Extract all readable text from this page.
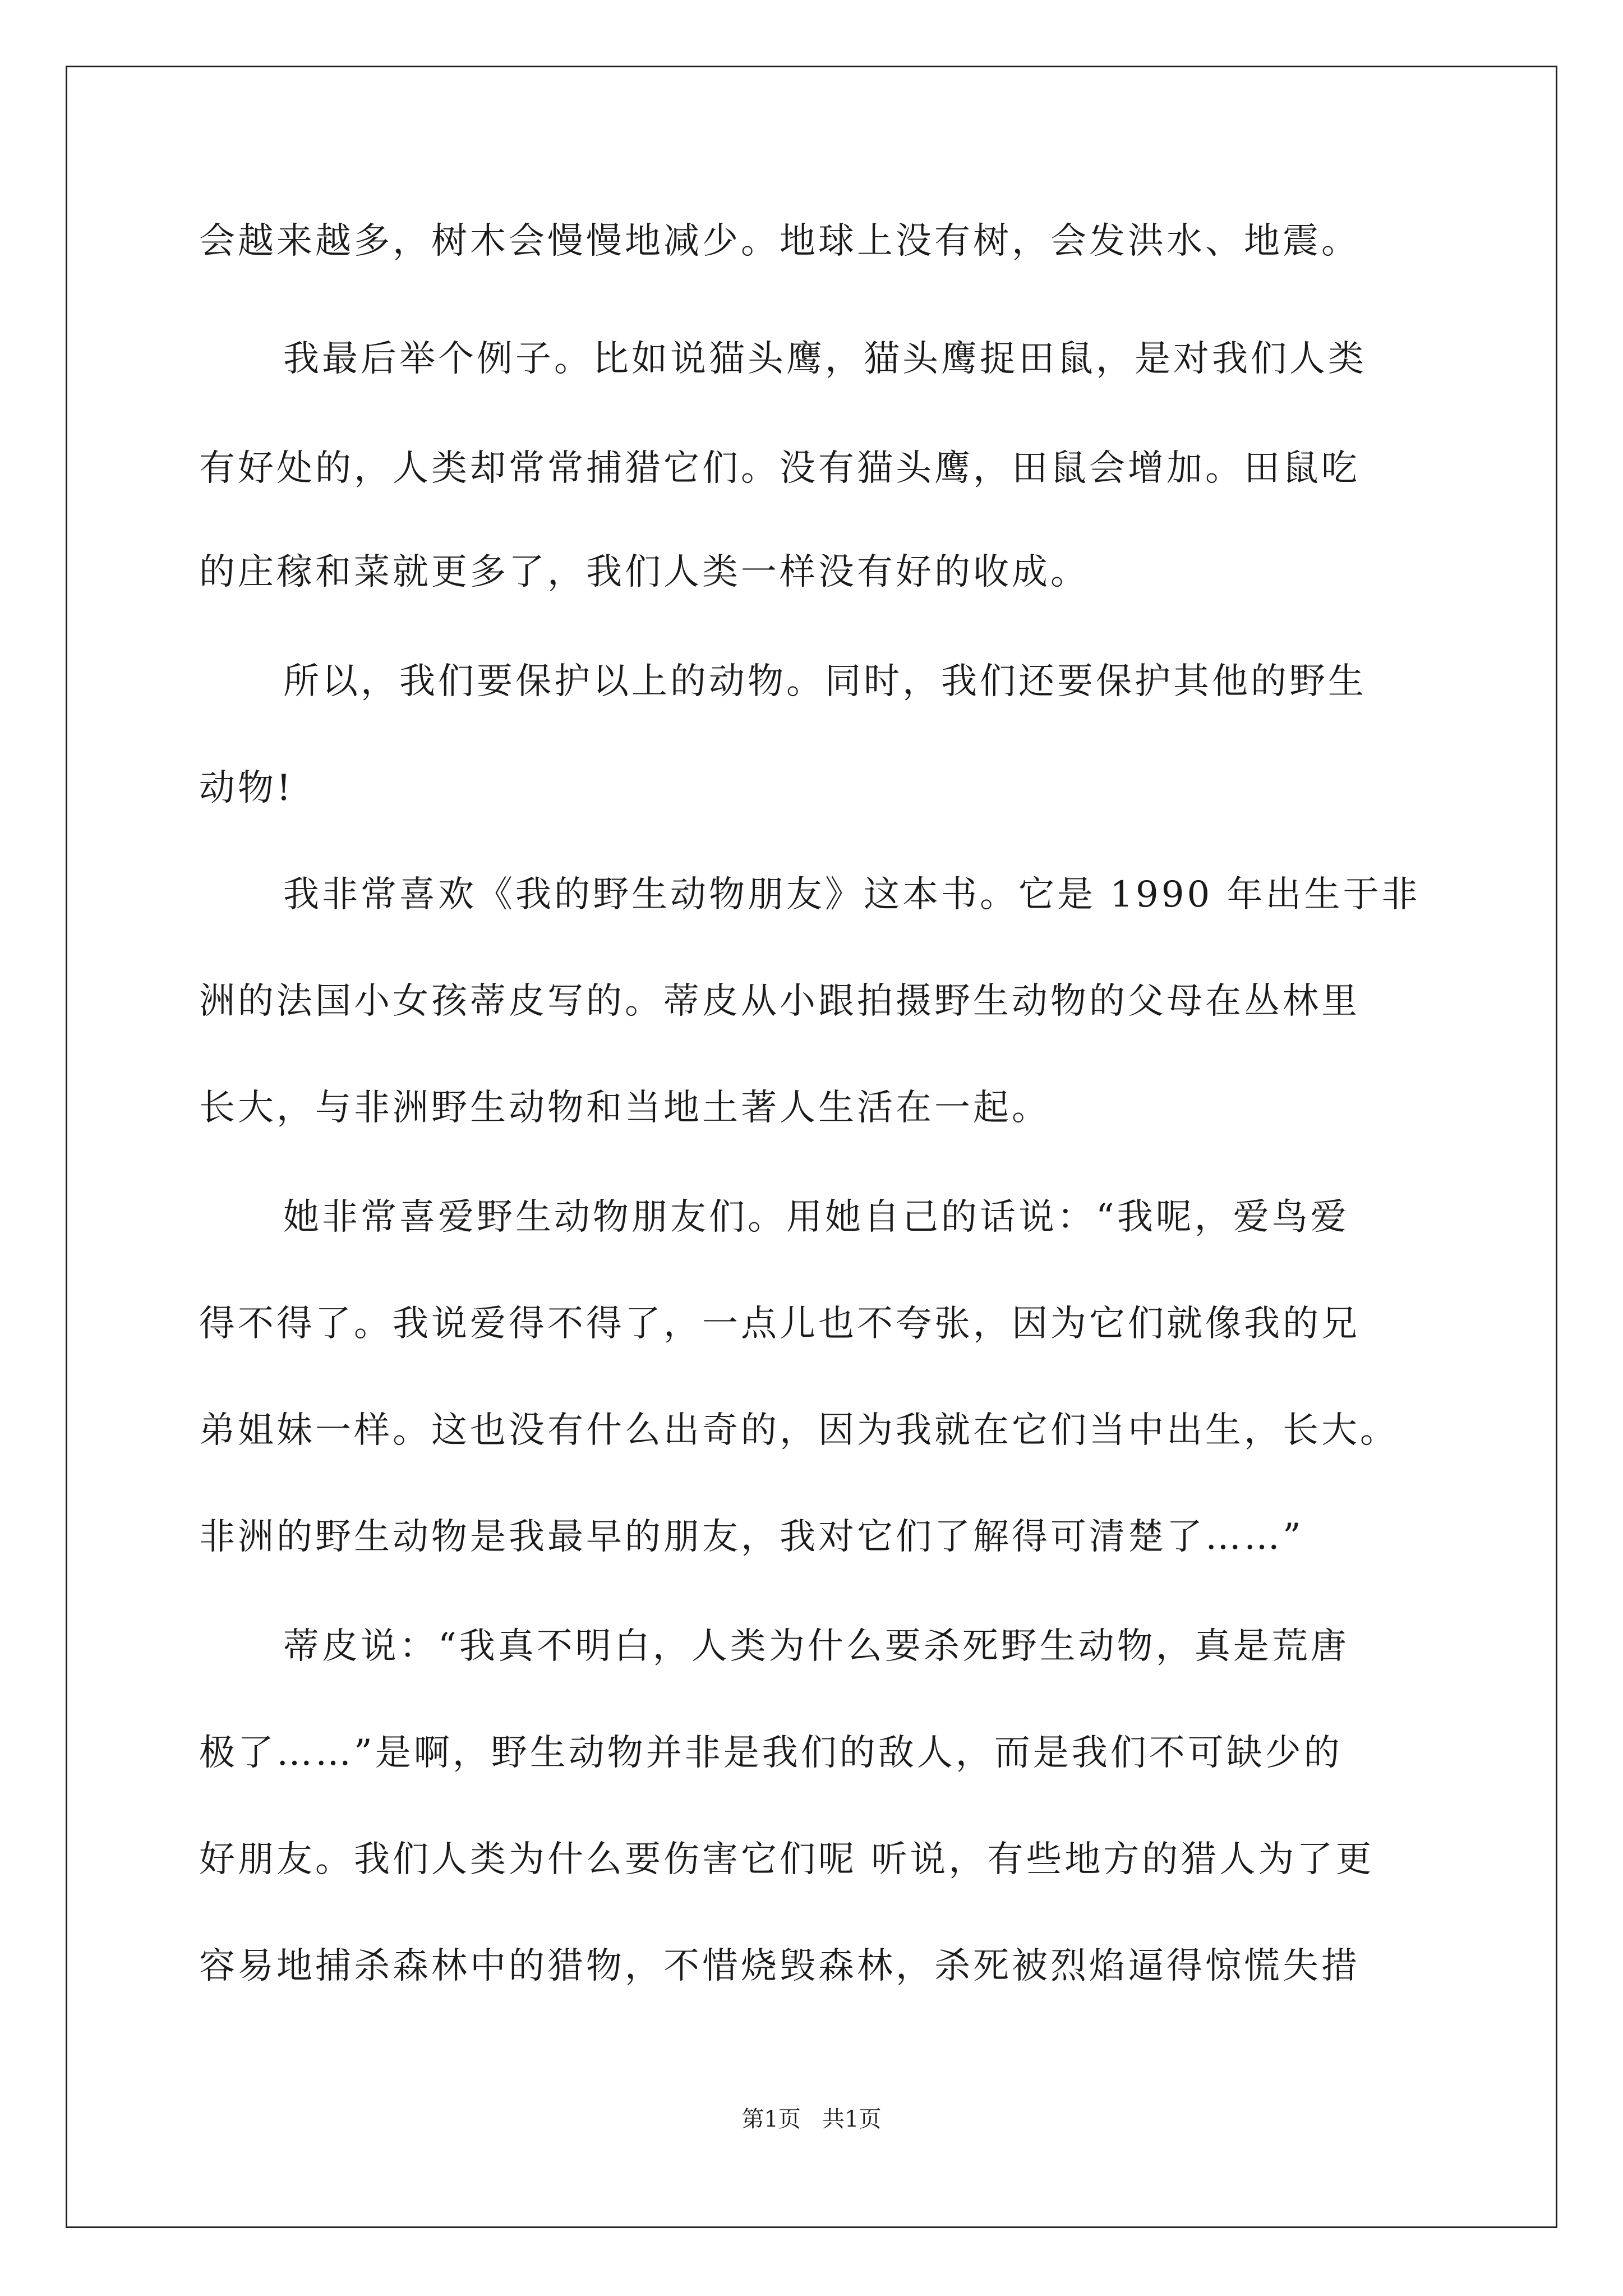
会越来越多，树木会慢慢地减少。地球上没有树，会发洪水、地震。
我最后举个例子。比如说猫头鹰，猫头鹰捉田鼠，是对我们人类
有好处的，人类却常常捕猎它们。没有猫头鹰，田鼠会增加。田鼠吃
的庄稼和菜就更多了，我们人类一样没有好的收成。
所以，我们要保护以上的动物。同时，我们还要保护其他的野生
动物!
我非常喜欢《我的野生动物朋友》这本书。它是 1990 年出生于非
洲的法国小女孩蒂皮写的。蒂皮从小跟拍摄野生动物的父母在丛林里
长大，与非洲野生动物和当地土著人生活在一起。
她非常喜爱野生动物朋友们。用她自己的话说：“我呢，爱鸟爱
得不得了。我说爱得不得了，一点儿也不夸张，因为它们就像我的兄
弟姐妹一样。这也没有什么出奇的，因为我就在它们当中出生，长大。
非洲的野生动物是我最早的朋友，我对它们了解得可清楚了……”
蒂皮说：“我真不明白，人类为什么要杀死野生动物，真是荒唐
极了……”是啊，野生动物并非是我们的敌人，而是我们不可缺少的
好朋友。我们人类为什么要伤害它们呢 听说，有些地方的猎人为了更
容易地捕杀森林中的猎物，不惜烧毁森林，杀死被烈焰逼得惊慌失措
第1页   共1页
